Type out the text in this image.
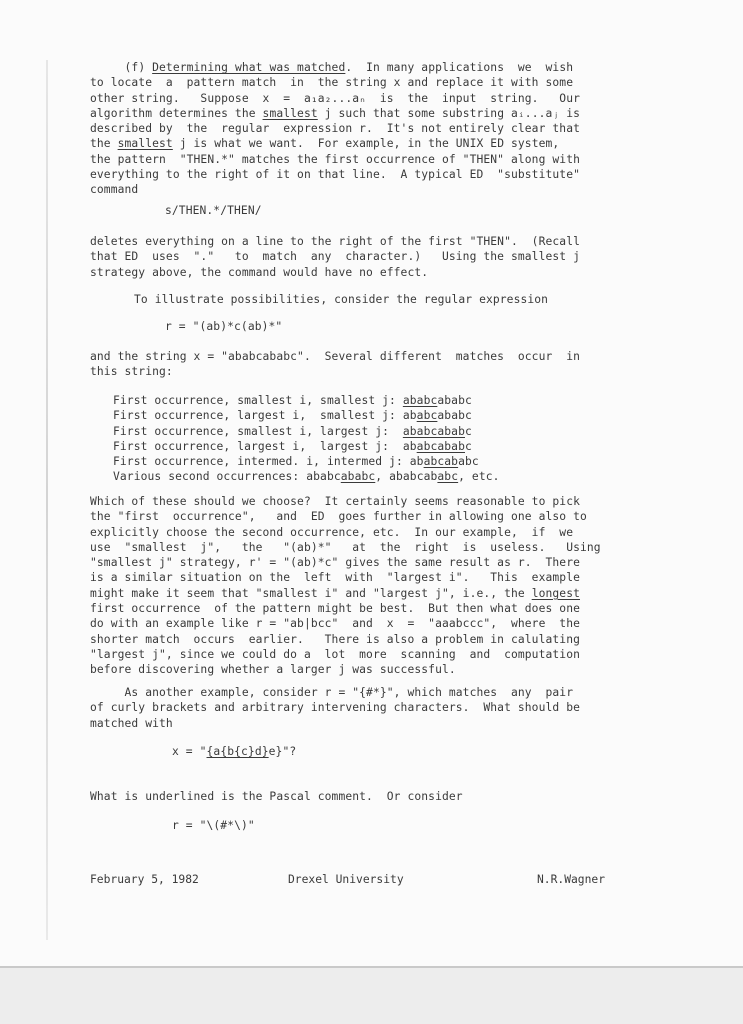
(f) Determining what was matched.  In many applications  we  wish
to locate  a  pattern match  in  the string x and replace it with some
other string.   Suppose  x  =  a₁a₂...aₙ  is  the  input  string.   Our
algorithm determines the smallest j such that some substring aᵢ...aⱼ is
described by  the  regular  expression r.  It's not entirely clear that
the smallest j is what we want.  For example, in the UNIX ED system,
the pattern  "THEN.*" matches the first occurrence of "THEN" along with
everything to the right of it on that line.  A typical ED  "substitute"
command
s/THEN.*/THEN/
deletes everything on a line to the right of the first "THEN".  (Recall
that ED  uses  "."   to  match  any  character.)   Using the smallest j
strategy above, the command would have no effect.
To illustrate possibilities, consider the regular expression
r = "(ab)*c(ab)*"
and the string x = "ababcababc".  Several different  matches  occur  in
this string:
First occurrence, smallest i, smallest j: ababcababc
First occurrence, largest i,  smallest j: ababcababc
First occurrence, smallest i, largest j:  ababcababc
First occurrence, largest i,  largest j:  ababcababc
First occurrence, intermed. i, intermed j: ababcababc
Various second occurrences: ababcababc, ababcababc, etc.
Which of these should we choose?  It certainly seems reasonable to pick
the "first  occurrence",   and  ED  goes further in allowing one also to
explicitly choose the second occurrence, etc.  In our example,  if  we
use  "smallest  j",   the   "(ab)*"   at  the  right  is  useless.   Using
"smallest j" strategy, r' = "(ab)*c" gives the same result as r.  There
is a similar situation on the  left  with  "largest i".   This  example
might make it seem that "smallest i" and "largest j", i.e., the longest
first occurrence  of the pattern might be best.  But then what does one
do with an example like r = "ab|bcc"  and  x  =  "aaabccc",  where  the
shorter match  occurs  earlier.   There is also a problem in calulating
"largest j", since we could do a  lot  more  scanning  and  computation
before discovering whether a larger j was successful.
As another example, consider r = "{#*}", which matches  any  pair
of curly brackets and arbitrary intervening characters.  What should be
matched with
x = "{a{b{c}d}e}"?
What is underlined is the Pascal comment.  Or consider
r = "\(#*\)"
February 5, 1982	Drexel University	N.R.Wagner
